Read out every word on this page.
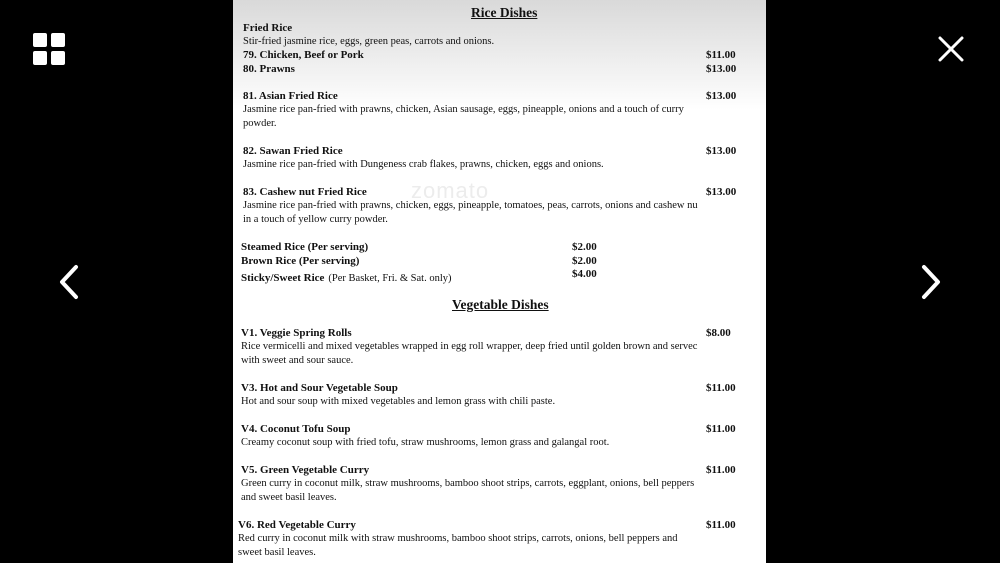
zomato
Rice Dishes
Fried Rice
Stir-fried jasmine rice, eggs, green peas, carrots and onions.
79. Chicken, Beef or Pork	$11.00
80. Prawns	$13.00
81. Asian Fried Rice	$13.00
Jasmine rice pan-fried with prawns, chicken, Asian sausage, eggs, pineapple, onions and a touch of curry
powder.
82. Sawan Fried Rice	$13.00
Jasmine rice pan-fried with Dungeness crab flakes, prawns, chicken, eggs and onions.
83. Cashew nut Fried Rice	$13.00
Jasmine rice pan-fried with prawns, chicken, eggs, pineapple, tomatoes, peas, carrots, onions and cashew nu
in a touch of yellow curry powder.
Steamed Rice (Per serving)	$2.00
Brown Rice (Per serving)	$2.00
Sticky/Sweet Rice (Per Basket, Fri. & Sat. only)	$4.00
Vegetable Dishes
V1. Veggie Spring Rolls	$8.00
Rice vermicelli and mixed vegetables wrapped in egg roll wrapper, deep fried until golden brown and servec
with sweet and sour sauce.
V3. Hot and Sour Vegetable Soup	$11.00
Hot and sour soup with mixed vegetables and lemon grass with chili paste.
V4. Coconut Tofu Soup	$11.00
Creamy coconut soup with fried tofu, straw mushrooms, lemon grass and galangal root.
V5. Green Vegetable Curry	$11.00
Green curry in coconut milk, straw mushrooms, bamboo shoot strips, carrots, eggplant, onions, bell peppers
and sweet basil leaves.
V6. Red Vegetable Curry	$11.00
Red curry in coconut milk with straw mushrooms, bamboo shoot strips, carrots, onions, bell peppers and
sweet basil leaves.
